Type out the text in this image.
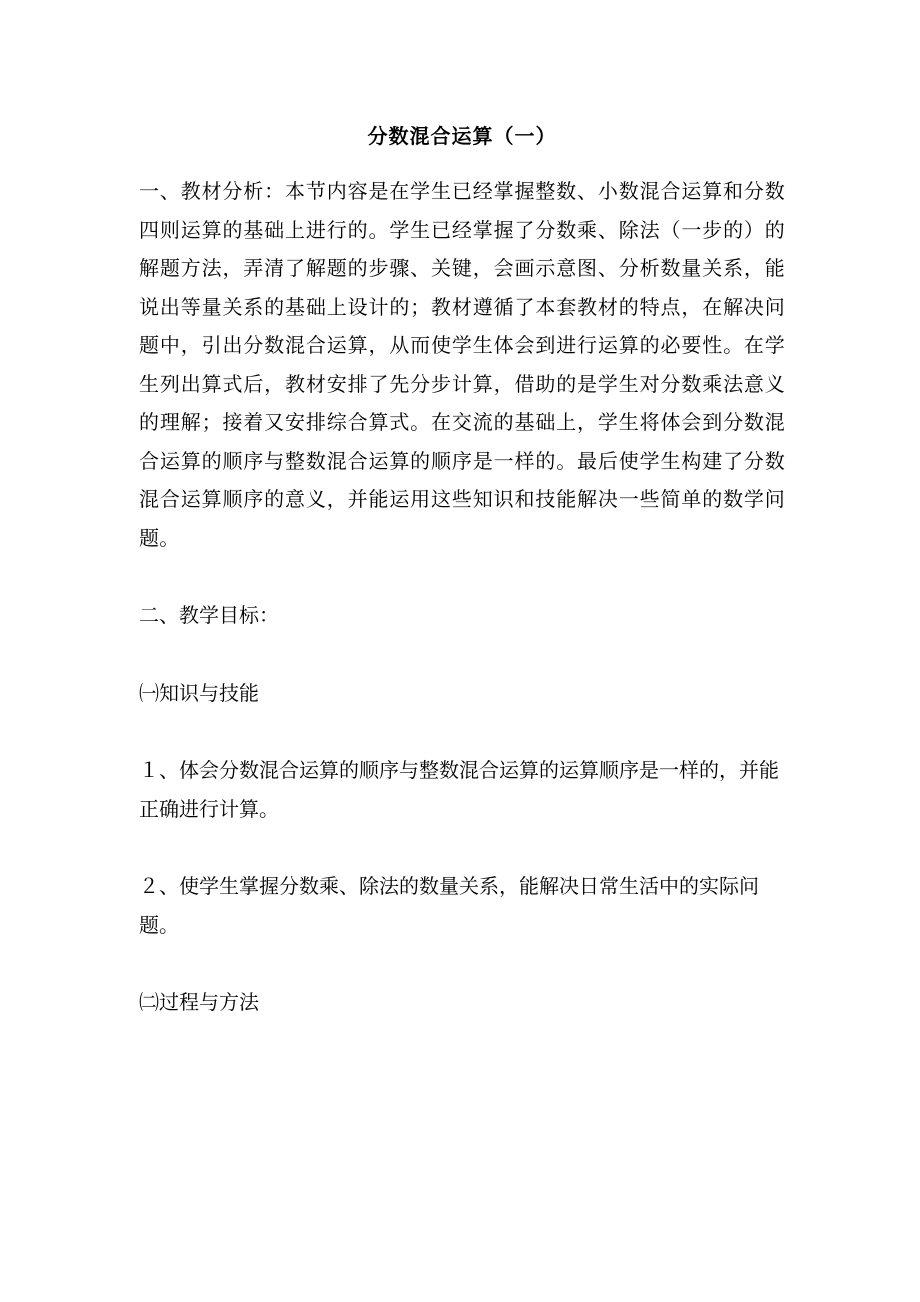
分数混合运算（一）

一、教材分析：本节内容是在学生已经掌握整数、小数混合运算和分数四则运算的基础上进行的。学生已经掌握了分数乘、除法（一步的）的解题方法，弄清了解题的步骤、关键，会画示意图、分析数量关系，能说出等量关系的基础上设计的；教材遵循了本套教材的特点，在解决问题中，引出分数混合运算，从而使学生体会到进行运算的必要性。在学生列出算式后，教材安排了先分步计算，借助的是学生对分数乘法意义的理解；接着又安排综合算式。在交流的基础上，学生将体会到分数混合运算的顺序与整数混合运算的顺序是一样的。最后使学生构建了分数混合运算顺序的意义，并能运用这些知识和技能解决一些简单的数学问题。

二、教学目标：

㈠知识与技能

１、体会分数混合运算的顺序与整数混合运算的运算顺序是一样的，并能正确进行计算。

２、使学生掌握分数乘、除法的数量关系，能解决日常生活中的实际问题。

㈡过程与方法
